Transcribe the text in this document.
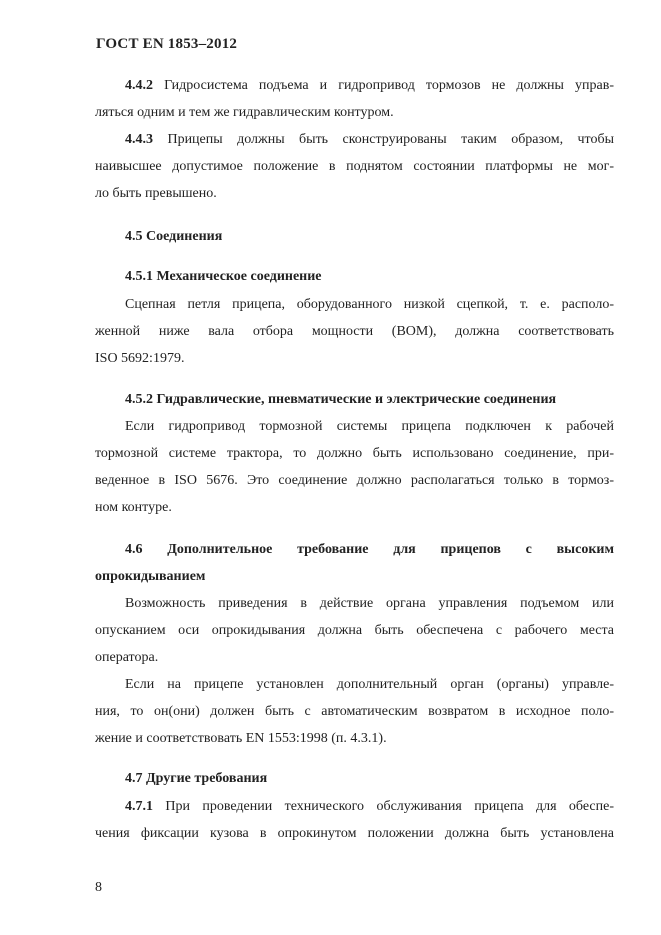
ГОСТ EN 1853–2012
4.4.2 Гидросистема подъема и гидропривод тормозов не должны управ-
ляться одним и тем же гидравлическим контуром.
4.4.3 Прицепы должны быть сконструированы таким образом, чтобы
наивысшее допустимое положение в поднятом состоянии платформы не мог-
ло быть превышено.
4.5 Соединения
4.5.1 Механическое соединение
Сцепная петля прицепа, оборудованного низкой сцепкой, т. е. располо-
женной ниже вала отбора мощности (ВОМ), должна соответствовать
ISO 5692:1979.
4.5.2 Гидравлические, пневматические и электрические соединения
Если гидропривод тормозной системы прицепа подключен к рабочей
тормозной системе трактора, то должно быть использовано соединение, при-
веденное в ISO 5676. Это соединение должно располагаться только в тормоз-
ном контуре.
4.6 Дополнительное требование для прицепов с высоким
опрокидыванием
Возможность приведения в действие органа управления подъемом или
опусканием оси опрокидывания должна быть обеспечена с рабочего места
оператора.
Если на прицепе установлен дополнительный орган (органы) управле-
ния, то он(они) должен быть с автоматическим возвратом в исходное поло-
жение и соответствовать EN 1553:1998 (п. 4.3.1).
4.7 Другие требования
4.7.1 При проведении технического обслуживания прицепа для обеспе-
чения фиксации кузова в опрокинутом положении должна быть установлена
8
